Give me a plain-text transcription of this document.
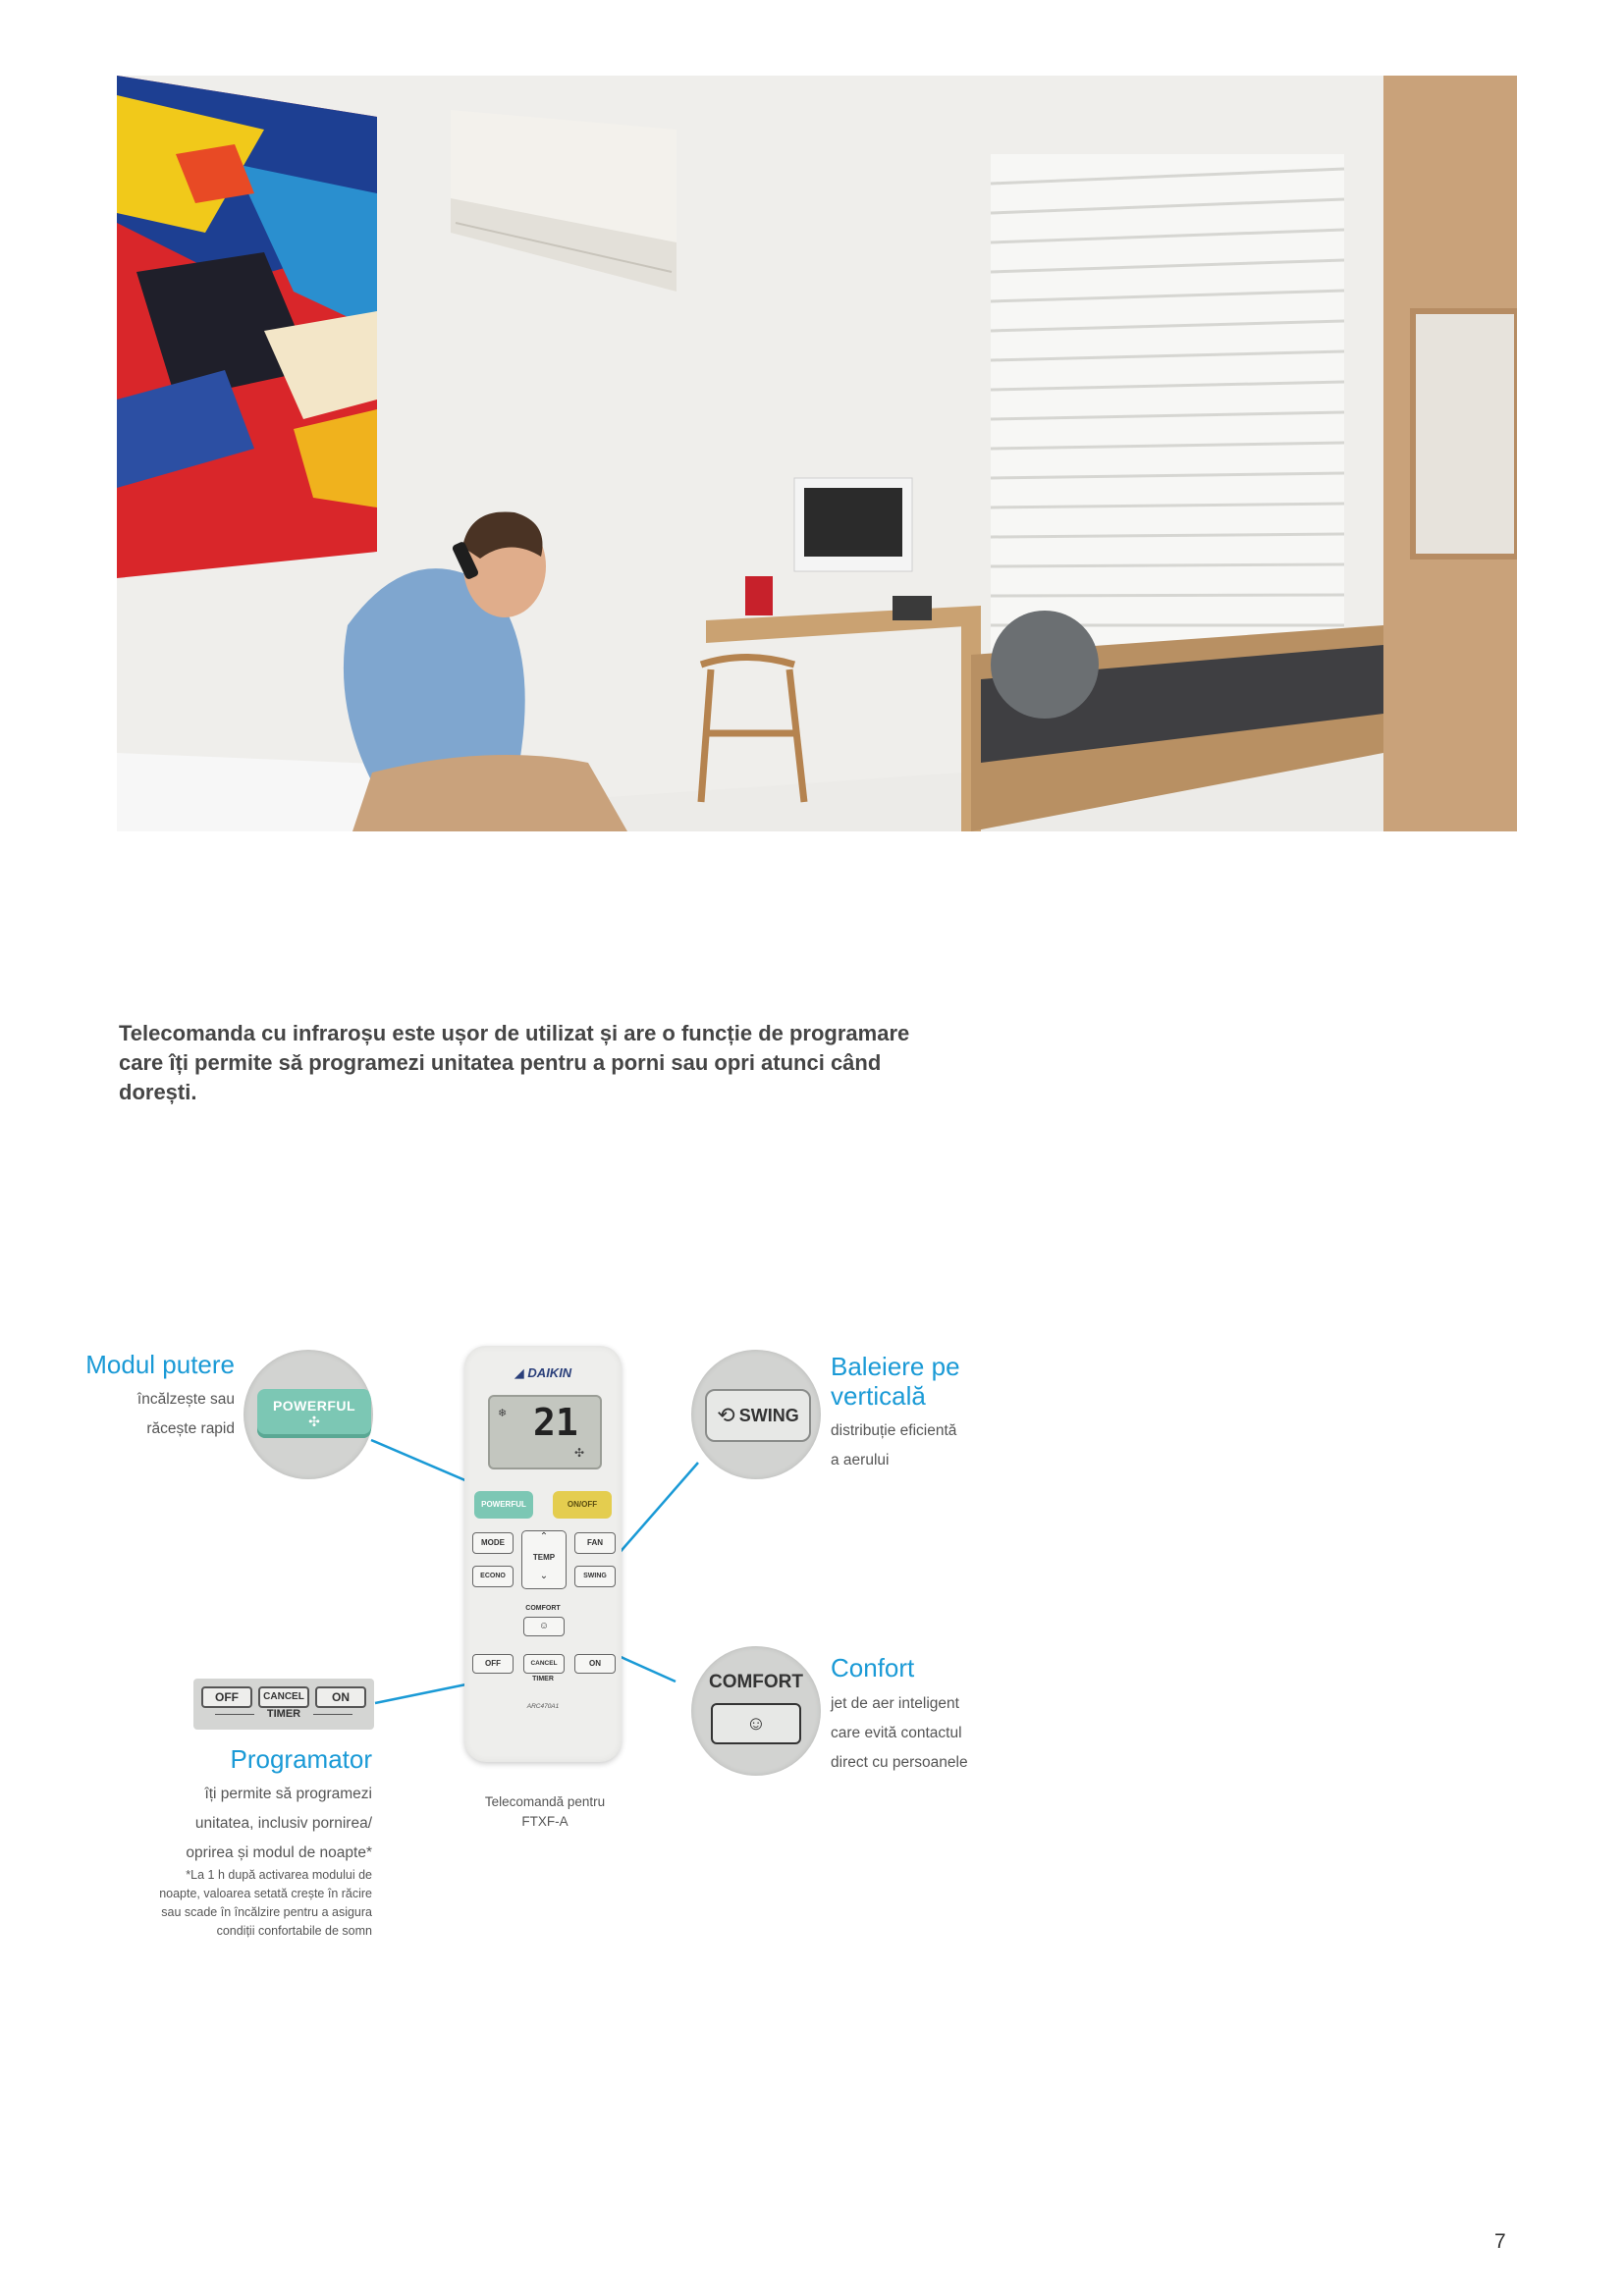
Telecomanda cu infraroșu este ușor de utilizat și are o funcție de programare care îți permite să programezi unitatea pentru a porni sau opri atunci când dorești.

Modul putere

încălzește sau

răcește rapid

POWERFUL
✣	⟲ SWING

Baleiere pe

verticală

distribuție eficientă

a aerului

COMFORT
☺

Confort

jet de aer inteligent

care evită contactul

direct cu persoanele

OFF	CANCEL	ON
TIMER

Programator

îți permite să programezi

unitatea, inclusiv pornirea/

oprirea și modul de noapte*

*La 1 h după activarea modului de

noapte, valoarea setată crește în răcire

sau scade în încălzire pentru a asigura

condiții confortabile de somn

◢ DAIKIN
❄ 21
✣
POWERFUL	ON/OFF
MODE
⌃
TEMP
⌄
FAN
ECONO	SWING
COMFORT
☺
OFF	CANCEL	ON
TIMER
ARC470A1

Telecomandă pentru
FTXF-A

7
